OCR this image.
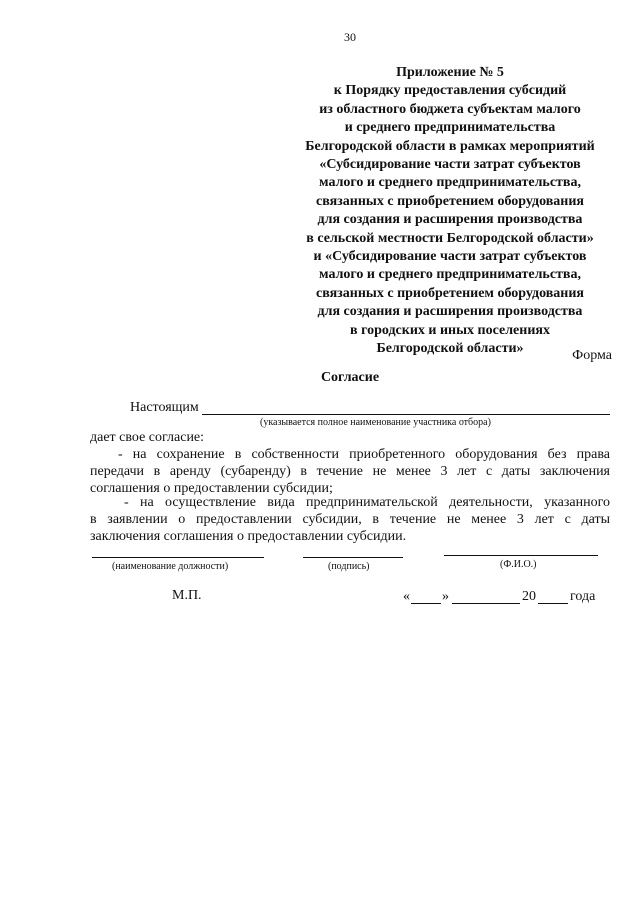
30
Приложение № 5
к Порядку предоставления субсидий
из областного бюджета субъектам малого
и среднего предпринимательства
Белгородской области в рамках мероприятий
«Субсидирование части затрат субъектов
малого и среднего предпринимательства,
связанных с приобретением оборудования
для создания и расширения производства
в сельской местности Белгородской области»
и «Субсидирование части затрат субъектов
малого и среднего предпринимательства,
связанных с приобретением оборудования
для создания и расширения производства
в городских и иных поселениях
Белгородской области»	Форма
Согласие
Настоящим
(указывается полное наименование участника отбора)
дает свое согласие:
- на сохранение в собственности приобретенного оборудования без права
передачи в аренду (субаренду) в течение не менее 3 лет с даты заключения
соглашения о предоставлении субсидии;
- на осуществление вида предпринимательской деятельности, указанного
в заявлении о предоставлении субсидии, в течение не менее 3 лет с даты
заключения соглашения о предоставлении субсидии.
(наименование должности)	(подпись)	(Ф.И.О.)
М.П.	« »	20 года
